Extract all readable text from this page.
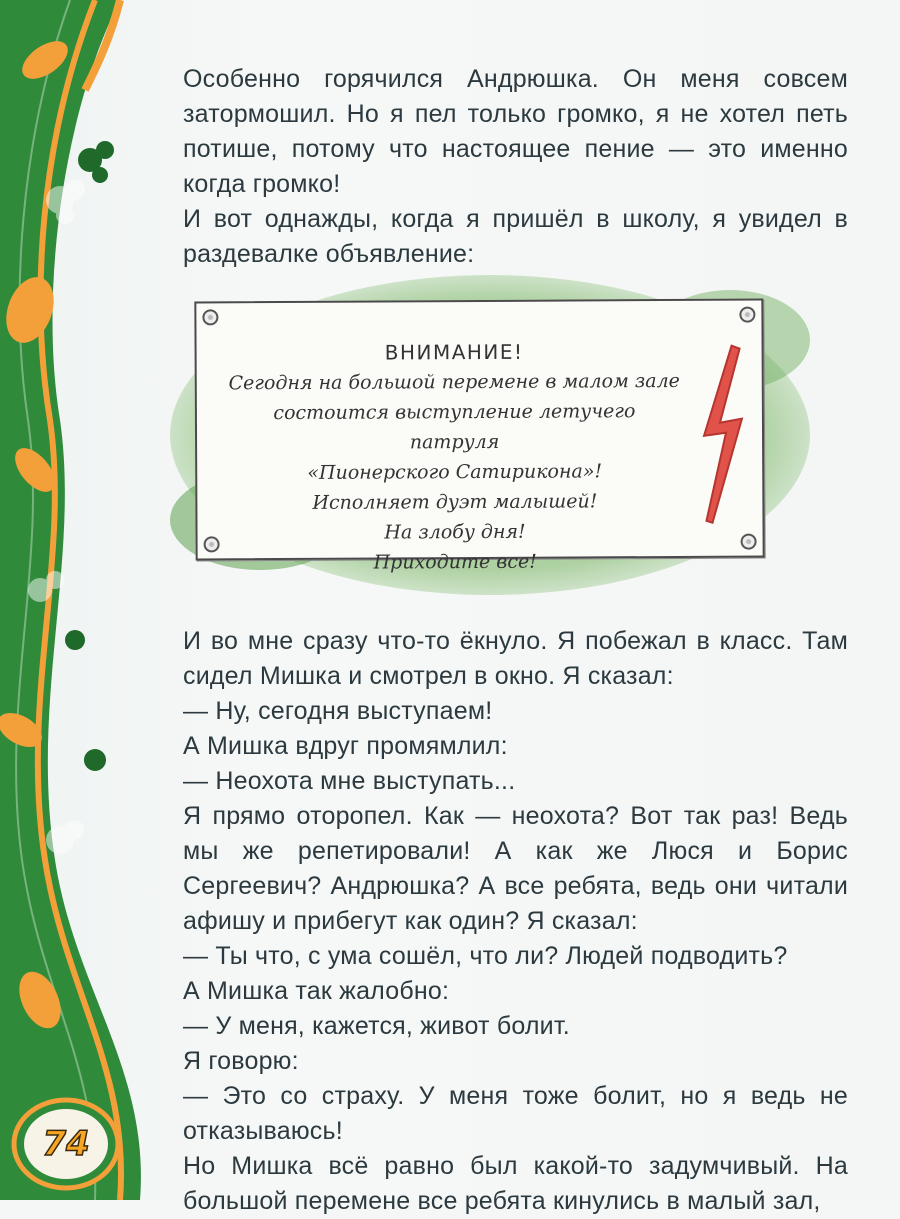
74

Особенно горячился Андрюшка. Он меня совсем затормошил. Но я пел только громко, я не хотел петь потише, потому что настоящее пение — это именно когда громко!

И вот однажды, когда я пришёл в школу, я увидел в раздевалке объявление:

ВНИМАНИЕ!
Сегодня на большой перемене в малом зале
состоится выступление летучего патруля
«Пионерского Сатирикона»!
Исполняет дуэт малышей!
На злобу дня!
Приходите все!

И во мне сразу что-то ёкнуло. Я побежал в класс. Там сидел Мишка и смотрел в окно. Я сказал:

— Ну, сегодня выступаем!

А Мишка вдруг промямлил:

— Неохота мне выступать...

Я прямо оторопел. Как — неохота? Вот так раз! Ведь мы же репетировали! А как же Люся и Борис Сергеевич? Андрюшка? А все ребята, ведь они читали афишу и прибегут как один? Я сказал:

— Ты что, с ума сошёл, что ли? Людей подводить?

А Мишка так жалобно:

— У меня, кажется, живот болит.

Я говорю:

— Это со страху. У меня тоже болит, но я ведь не отказываюсь!

Но Мишка всё равно был какой-то задумчивый. На большой перемене все ребята кинулись в малый зал,
